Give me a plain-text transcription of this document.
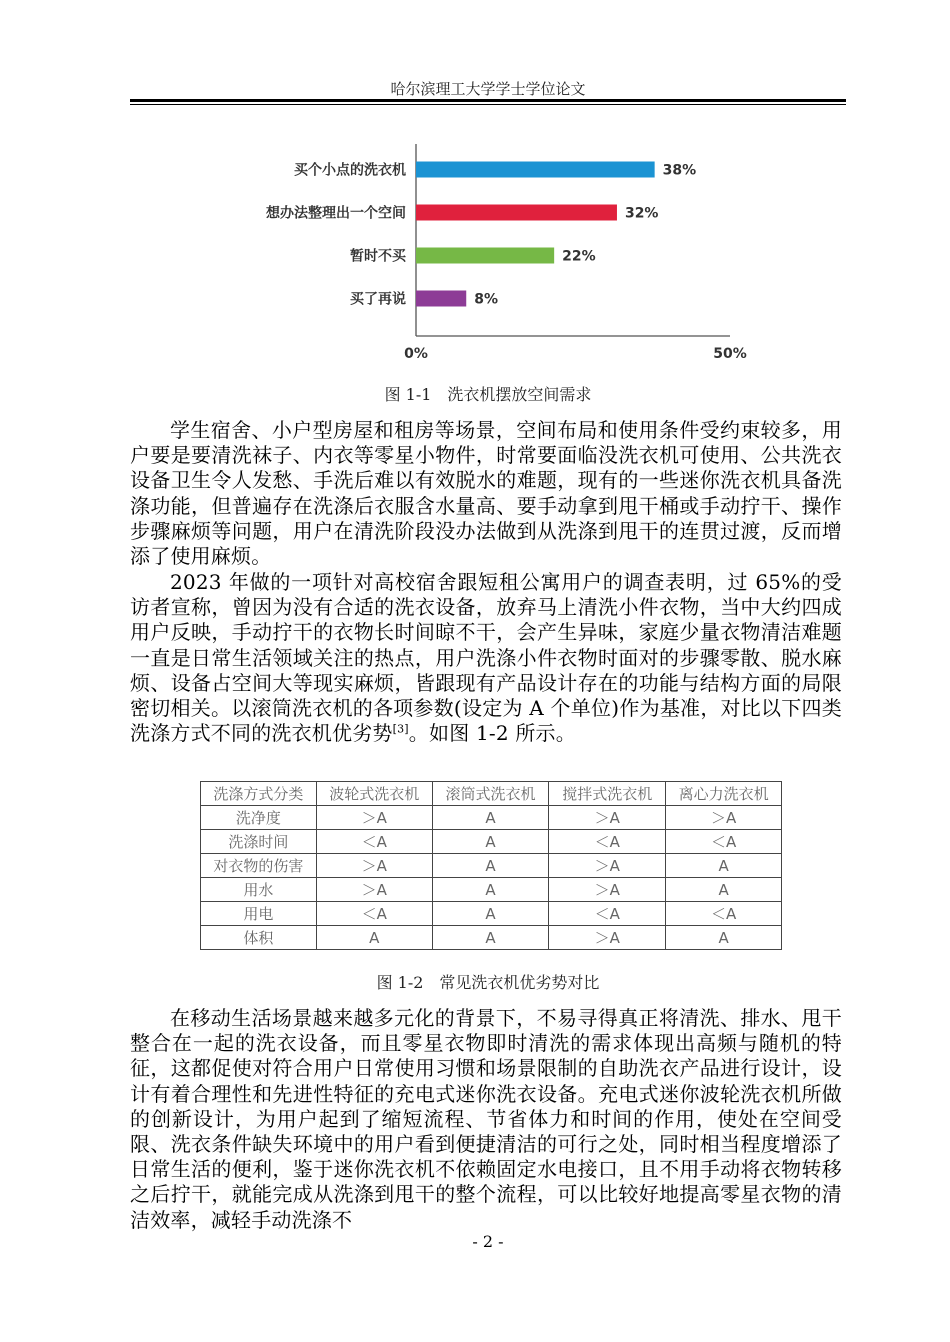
哈尔滨理工大学学士学位论文
买个小点的洗衣机	38%
想办法整理出一个空间	32%
暂时不买	22%
买了再说	8%
0%	50%
图 1-1　洗衣机摆放空间需求

学生宿舍、小户型房屋和租房等场景，空间布局和使用条件受约束较多，用户要是要清洗袜子、内衣等零星小物件，时常要面临没洗衣机可使用、公共洗衣设备卫生令人发愁、手洗后难以有效脱水的难题，现有的一些迷你洗衣机具备洗涤功能，但普遍存在洗涤后衣服含水量高、要手动拿到甩干桶或手动拧干、操作步骤麻烦等问题，用户在清洗阶段没办法做到从洗涤到甩干的连贯过渡，反而增添了使用麻烦。

2023 年做的一项针对高校宿舍跟短租公寓用户的调查表明，过 65%的受访者宣称，曾因为没有合适的洗衣设备，放弃马上清洗小件衣物，当中大约四成用户反映，手动拧干的衣物长时间晾不干，会产生异味，家庭少量衣物清洁难题一直是日常生活领域关注的热点，用户洗涤小件衣物时面对的步骤零散、脱水麻烦、设备占空间大等现实麻烦，皆跟现有产品设计存在的功能与结构方面的局限密切相关。以滚筒洗衣机的各项参数(设定为 A 个单位)作为基准，对比以下四类洗涤方式不同的洗衣机优劣势[3]。如图 1-2 所示。

洗涤方式分类	波轮式洗衣机	滚筒式洗衣机	搅拌式洗衣机	离心力洗衣机
洗净度	＞A	A	＞A	＞A
洗涤时间	＜A	A	＜A	＜A
对衣物的伤害	＞A	A	＞A	A
用水	＞A	A	＞A	A
用电	＜A	A	＜A	＜A
体积	A	A	＞A	A
图 1-2　常见洗衣机优劣势对比

在移动生活场景越来越多元化的背景下，不易寻得真正将清洗、排水、甩干整合在一起的洗衣设备，而且零星衣物即时清洗的需求体现出高频与随机的特征，这都促使对符合用户日常使用习惯和场景限制的自助洗衣产品进行设计，设计有着合理性和先进性特征的充电式迷你洗衣设备。充电式迷你波轮洗衣机所做的创新设计，为用户起到了缩短流程、节省体力和时间的作用，使处在空间受限、洗衣条件缺失环境中的用户看到便捷清洁的可行之处，同时相当程度增添了日常生活的便利，鉴于迷你洗衣机不依赖固定水电接口，且不用手动将衣物转移之后拧干，就能完成从洗涤到甩干的整个流程，可以比较好地提高零星衣物的清洁效率，减轻手动洗涤不

- 2 -
